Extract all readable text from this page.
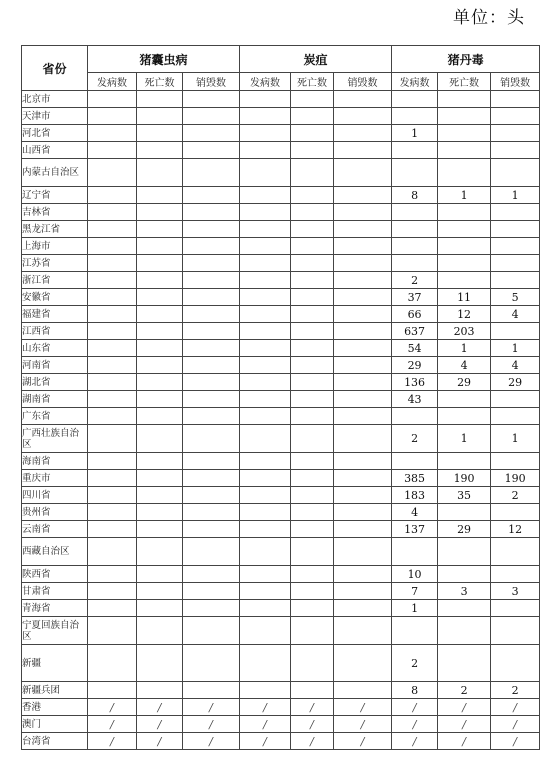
单位：头
省份	猪囊虫病			炭疽			猪丹毒		
	发病数	死亡数	销毁数	发病数	死亡数	销毁数	发病数	死亡数	销毁数
北京市									
天津市									
河北省							1		
山西省									
内蒙古自治区									
辽宁省							8	1	1
吉林省									
黑龙江省									
上海市									
江苏省									
浙江省							2		
安徽省							37	11	5
福建省							66	12	4
江西省							637	203	
山东省							54	1	1
河南省							29	4	4
湖北省							136	29	29
湖南省							43		
广东省									
广西壮族自治区							2	1	1
海南省									
重庆市							385	190	190
四川省							183	35	2
贵州省							4		
云南省							137	29	12
西藏自治区									
陕西省							10		
甘肃省							7	3	3
青海省							1		
宁夏回族自治区									
新疆							2		
新疆兵团							8	2	2
香港	/	/	/	/	/	/	/	/	/
澳门	/	/	/	/	/	/	/	/	/
台湾省	/	/	/	/	/	/	/	/	/
